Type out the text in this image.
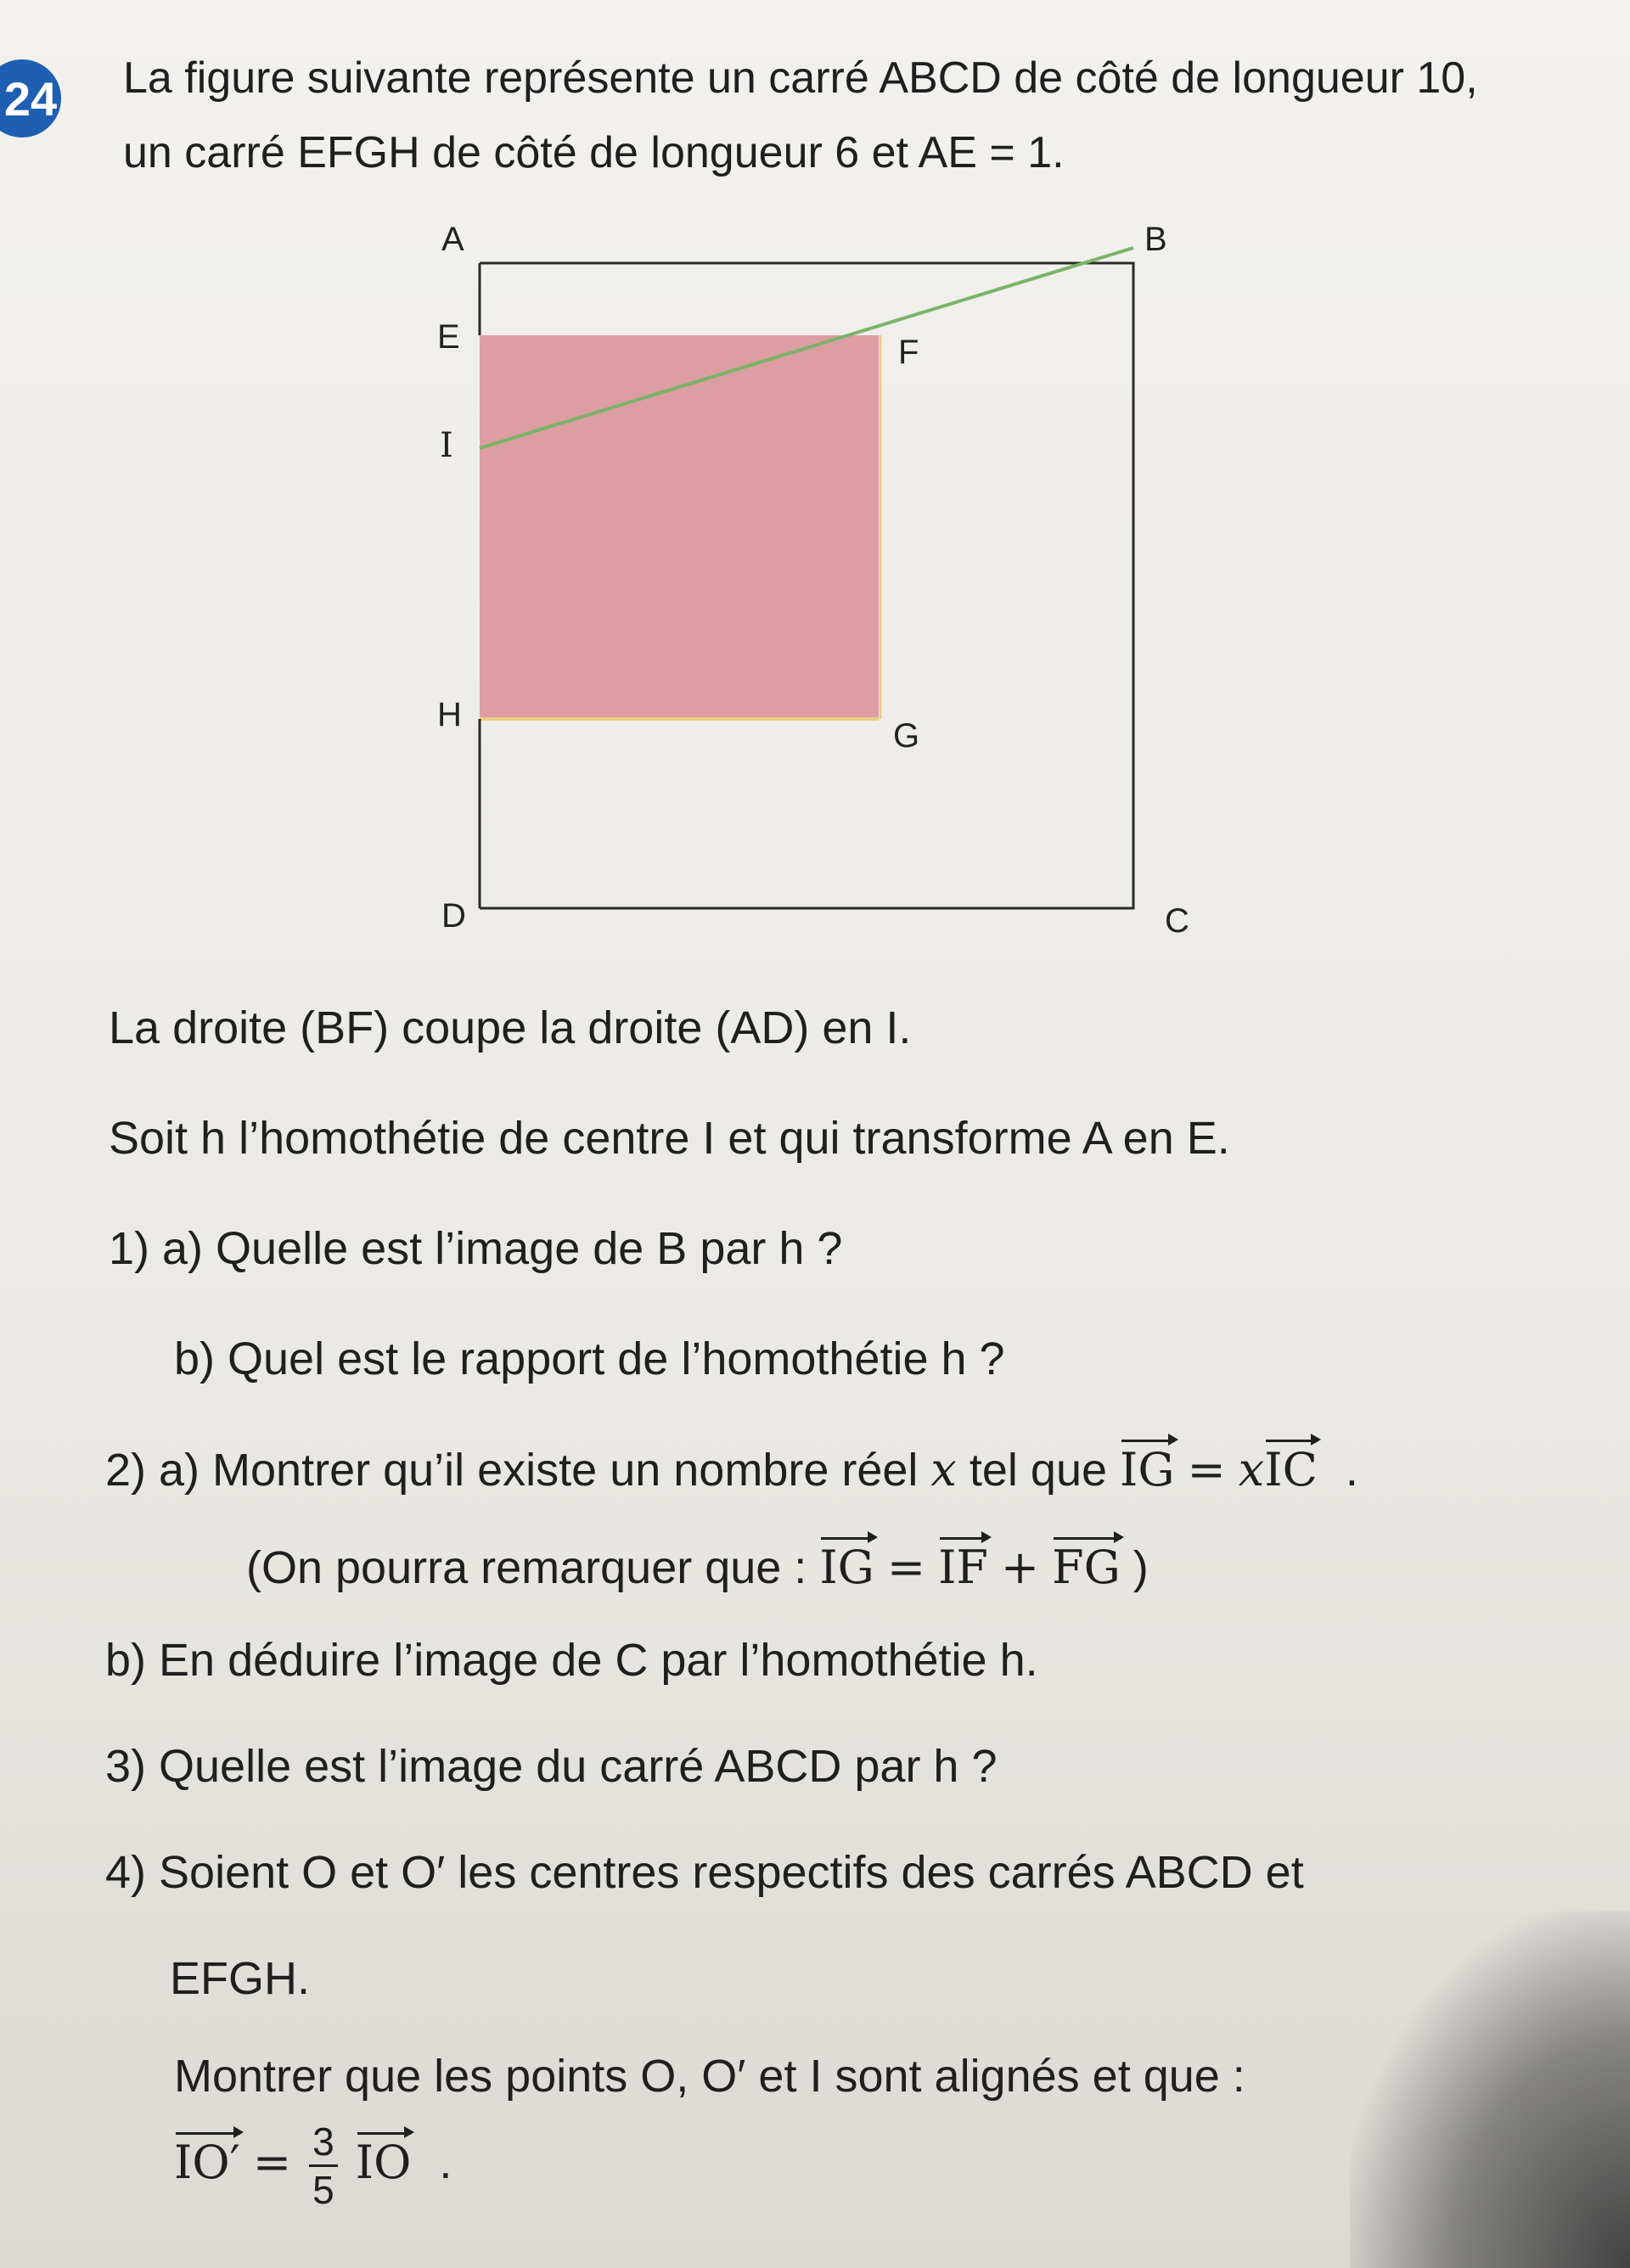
24 La figure suivante représente un carré ABCD de côté de longueur 10, un carré EFGH de côté de longueur 6 et AE = 1.
A	B
E	F
I
H
G
D	C
La droite (BF) coupe la droite (AD) en I.
Soit h l’homothétie de centre I et qui transforme A en E.
1) a) Quelle est l’image de B par h ?
b) Quel est le rapport de l’homothétie h ?
2) a) Montrer qu’il existe un nombre réel x tel que IG = xIC .
(On pourra remarquer que : IG = IF + FG )
b) En déduire l’image de C par l’homothétie h.
3) Quelle est l’image du carré ABCD par h ?
4) Soient O et O′ les centres respectifs des carrés ABCD et
EFGH.
Montrer que les points O, O′ et I sont alignés et que :
$IO' = \frac{3}{5}$ IO .
